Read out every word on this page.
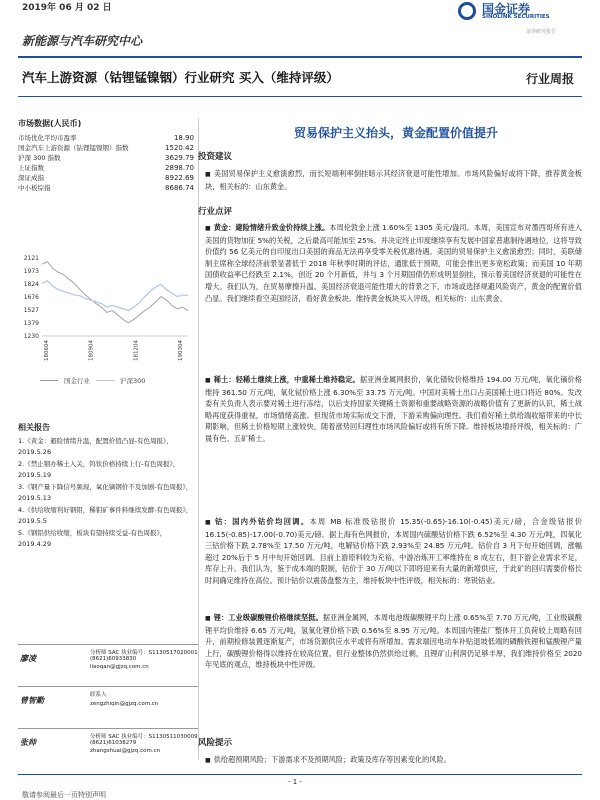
2019年 06 月 02 日	国金证券
SINOLINK SECURITIES
证券研究报告
新能源与汽车研究中心
汽车上游资源（钴锂锰镍铟）行业研究 买入（维持评级）	行业周报
市场数据(人民币)
市场优化平均市盈率	18.90
国金汽车上游资源（钴锂锰镍铟）指数	1520.42
沪深 300 指数	3629.79
上证指数	2898.70
深证成指	8922.69
中小板综指	8686.74
2121
1973
1824
1676
1527
1379
1230
180604	180904	181204	190304
国金行业	沪深300
相关报告
1.《黄金：避险情绪升温，配置价值凸显-有色周报》，2019.5.26
2.《禁止铟办稀土入关，钨钛价格持续上行-有色周报》，2019.5.19
3.《钢产量下降信号频现，氧化镝钢价不及加剧-有色周报》，2019.5.13
4.《供给收缩利好钢钼，稀钼矿事件料继续发酵-有色周报》，2019.5.5
5.《钢铝供给收缩，板块有望持续受益-有色周报》，2019.4.29
廖凌
分析师 SAC 执业编号：S1130517020001
(8621)60933830
liaoqan@gjzq.com.cn
曾智勤
联系人
zengzhiqin@gjzq.com.cn
张帅
分析师 SAC 执业编号：S1130511030009
(8621)61038279
zhangshuai@gjzq.com.cn
贸易保护主义抬头，黄金配置价值提升
投资建议
■ 美国贸易保护主义愈演愈烈，而长短端利率倒挂暗示其经济衰退可能性增加。市场风险偏好或将下降，推荐黄金板块，相关标的：山东黄金。
行业点评
■ 黄金：避险情绪升致金价持续上涨。本周伦敦金上涨 1.60%至 1305 美元/盎司。本周，美国宣布对墨西哥所有进入美国的货物加征 5%的关税，之后最高可能加至 25%。并决定终止印度继续享有发展中国家普惠制待遇地位，这将导致价值约 56 亿美元的自印度出口美国的商品无法再享受零关税优惠待遇。美国的贸易保护主义愈演愈烈；同时，美联储制主席称全球经济前景显著低于 2018 年秋季时期的评估，通胀低于预期，可能会推出更多宽松政策；而美国 10 年期国债收益率已经跌至 2.1%，创近 20 个月新低，并与 3 个月期国债仍形成明显倒挂，预示着美国经济衰退的可能性在增大。我们认为，在贸易摩擦升温、美国经济衰退可能性增大的背景之下，市场或选择规避风险资产，黄金的配置价值凸显。我们继续看空美国经济，看好黄金板块。维持黄金板块买入评级，相关标的：山东黄金。
■ 稀土：轻稀土继续上涨，中重稀土维持稳定。据亚洲金属网报价，氧化镨钕价格维持 194.00 万元/吨，氧化镝价格维持 361.50 万元/吨，氧化铽价格上涨 6.30%至 33.75 万元/吨。中国对美稀土出口占美国稀土进口将近 80%。发改委有关负责人表示要对稀土进行冻结，以后支持国家关键稀土资源和重要战略资源的战略价值有了更新的认识，稀土战略再度获得重视，市场情绪高涨。但现货市场实际成交下滑，下游采购偏向理性。我们看好稀土供给端收缩带来的中长期影响，但稀土价格短期上涨较快，随着涨势回归理性市场风险偏好或将有所下降。维持板块增持评级，相关标的：广晟有色、五矿稀土。
■ 钴：国内外钴价均回调。本周 MB 标准级钴报价 15.35(-0.65)-16.10(-0.45)美元/磅，合金级钴报价 16.15(-0.85)-17.00(-0.70)美元/磅。据上海有色网报价，本周国内硫酸钴价格下跌 6.52%至 4.30 万元/吨，四氧化三钴价格下跌 2.78%至 17.50 万元/吨，电解钴价格下跌 2.93%至 24.85 万元/吨。钴价自 3 月下旬开始回调，涨幅超过 20%后于 5 月中旬开始回调。目前上游原料较为充裕，中游冶炼开工率维持在 8 成左右，但下游企业需求不足，库存上升。我们认为，鉴于成本端的限制，钴价于 30 万/吨以下即将迎来有大量的新增供应，于此矿的回归需要价格长时间确定维持在高位。预计钴价以震荡盘整为主，维持板块中性评级，相关标的：寒锐钴业。
■ 锂：工业级碳酸锂价格继续坚挺。据亚洲金属网，本周电池级碳酸锂平均上涨 0.65%至 7.70 万元/吨，工业级碳酸锂平均价维持 6.65 万元/吨，氢氧化锂价格下跌 0.56%至 8.95 万元/吨。本周国内锂盐厂整体开工负荷较上周略有回升，前期检修装置逐渐复产，市场货源供应水平或将有所增加。需求端因电动车补贴退坡低端的磷酸铁锂和锰酸锂产量上行，碳酸锂价格得以维持在较高位置。但行业整体仍然供给过剩，且锂矿山利润仍足够丰厚，我们维持价格至 2020 年见底的观点，维持板块中性评级。
风险提示
■ 供给超预期风险；下游需求不及预期风险；政策及库存等因素变化的风险。
- 1 -
敬请参阅最后一页特别声明
